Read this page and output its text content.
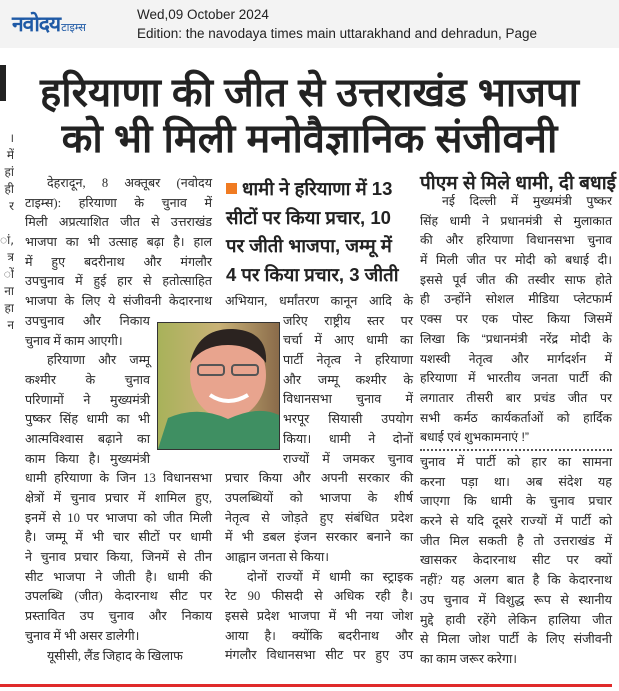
नवोदय टाइम्स
Wed,09 October 2024
Edition: the navodaya times main uttarakhand and dehradun, Page
।
में
हां
ही
र
ां,
त्र
ों
ना
हा
न
हरियाणा की जीत से उत्तराखंड भाजपा
को भी मिली मनोवैज्ञानिक संजीवनी
देहरादून, 8 अक्तूबर (नवोदय
टाइम्स): हरियाणा के चुनाव में
मिली अप्रत्याशित जीत से उत्तराखंड
भाजपा का भी उत्साह बढ़ा है। हाल
में हुए बदरीनाथ और मंगलौर
उपचुनाव में हुई हार से हतोत्साहित
भाजपा के लिए ये संजीवनी केदारनाथ
उपचुनाव और निकाय
चुनाव में काम आएगी।
हरियाणा और जम्मू
कश्मीर के चुनाव
परिणामों ने मुख्यमंत्री
पुष्कर सिंह धामी का भी
आत्मविश्वास बढ़ाने का
काम किया है। मुख्यमंत्री
धामी हरियाणा के जिन 13 विधानसभा
क्षेत्रों में चुनाव प्रचार में शामिल हुए,
इनमें से 10 पर भाजपा को जीत मिली
है। जम्मू में भी चार सीटों पर धामी
ने चुनाव प्रचार किया, जिनमें से तीन
सीट भाजपा ने जीती है। धामी की
उपलब्धि (जीत) केदारनाथ सीट पर
प्रस्तावित उप चुनाव और निकाय
चुनाव में भी असर डालेगी।
यूसीसी, लैंड जिहाद के खिलाफ
धामी ने हरियाणा में 13
सीटों पर किया प्रचार, 10
पर जीती भाजपा, जम्मू में
4 पर किया प्रचार, 3 जीती
अभियान, धर्मांतरण कानून आदि के
जरिए राष्ट्रीय स्तर पर
चर्चा में आए धामी का
पार्टी नेतृत्व ने हरियाणा
और जम्मू कश्मीर के
विधानसभा चुनाव में
भरपूर सियासी उपयोग
किया। धामी ने दोनों
राज्यों में जमकर चुनाव
प्रचार किया और अपनी सरकार की
उपलब्धियों को भाजपा के शीर्ष
नेतृत्व से जोड़ते हुए संबंधित प्रदेश
में भी डबल इंजन सरकार बनाने का
आह्वान जनता से किया।
दोनों राज्यों में धामी का स्ट्राइक
रेट 90 फीसदी से अधिक रही है।
इससे प्रदेश भाजपा में भी नया जोश
आया है। क्योंकि बदरीनाथ और
मंगलौर विधानसभा सीट पर हुए उप
पीएम से मिले धामी, दी बधाई
नई दिल्ली में मुख्यमंत्री पुष्कर
सिंह धामी ने प्रधानमंत्री से मुलाकात
की और हरियाणा विधानसभा चुनाव
में मिली जीत पर मोदी को बधाई दी।
इससे पूर्व जीत की तस्वीर साफ होते
ही उन्होंने सोशल मीडिया प्लेटफार्म
एक्स पर एक पोस्ट किया जिसमें
लिखा कि “प्रधानमंत्री नरेंद्र मोदी के
यशस्वी नेतृत्व और मार्गदर्शन में
हरियाणा में भारतीय जनता पार्टी की
लगातार तीसरी बार प्रचंड जीत पर
सभी कर्मठ कार्यकर्ताओं को हार्दिक
बधाई एवं शुभकामनाएं !”
चुनाव में पार्टी को हार का सामना
करना पड़ा था। अब संदेश यह
जाएगा कि धामी के चुनाव प्रचार
करने से यदि दूसरे राज्यों में पार्टी को
जीत मिल सकती है तो उत्तराखंड में
खासकर केदारनाथ सीट पर क्यों
नहीं? यह अलग बात है कि केदारनाथ
उप चुनाव में विशुद्ध रूप से स्थानीय
मुद्दे हावी रहेंगे लेकिन हालिया जीत
से मिला जोश पार्टी के लिए संजीवनी
का काम जरूर करेगा।
